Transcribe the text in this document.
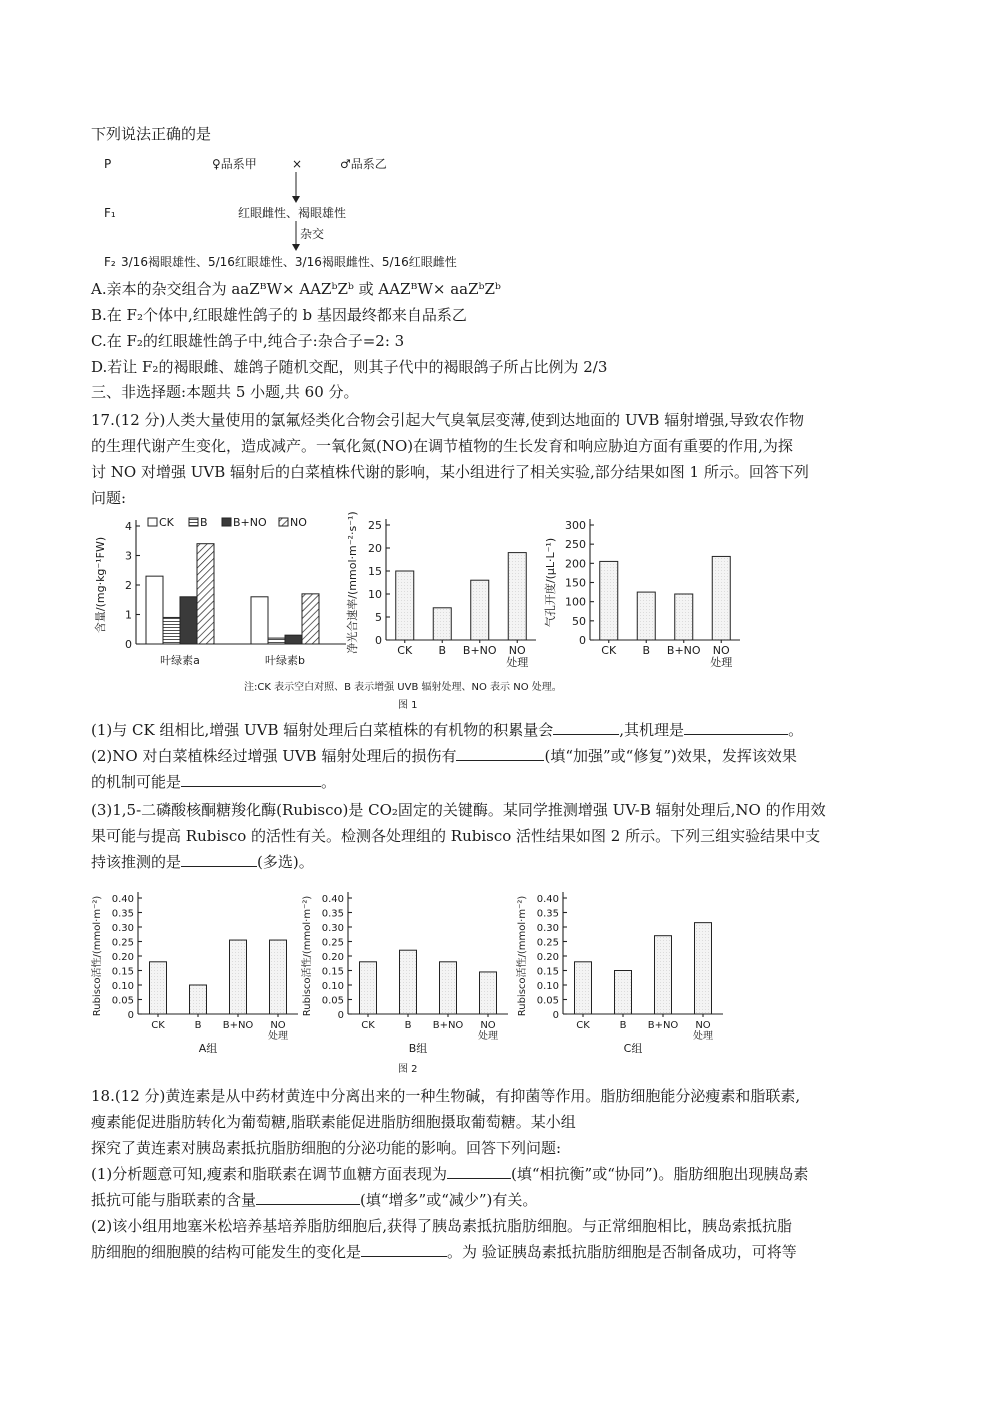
下列说法正确的是
P	♀品系甲	×	♂品系乙
F₁	红眼雌性、褐眼雄性
杂交
F₂ 3/16褐眼雄性、5/16红眼雄性、3/16褐眼雌性、5/16红眼雌性
A.亲本的杂交组合为 aaZᴮW× AAZᵇZᵇ 或 AAZᴮW× aaZᵇZᵇ
B.在 F₂个体中,红眼雄性鸽子的 b 基因最终都来自品系乙
C.在 F₂的红眼雄性鸽子中,纯合子:杂合子=2: 3
D.若让 F₂的褐眼雌、雄鸽子随机交配，则其子代中的褐眼鸽子所占比例为 2/3
三、非选择题:本题共 5 小题,共 60 分。
17.(12 分)人类大量使用的氯氟烃类化合物会引起大气臭氧层变薄,使到达地面的 UVB 辐射增强,导致农作物
的生理代谢产生变化，造成减产。一氧化氮(NO)在调节植物的生长发育和响应胁迫方面有重要的作用,为探
讨 NO 对增强 UVB 辐射后的白菜植株代谢的影响，某小组进行了相关实验,部分结果如图 1 所示。回答下列
问题:
0
1
2
3
4
含量/(mg·kg⁻¹FW)
叶绿素a	叶绿素b
CK B B+NO NO
0
5
10
15
20
25
净光合速率/(mmol·m⁻²·s⁻¹)	CK B B+NO NO
处理
0
50
100
150
200
250
300
气孔开度/(μL·L⁻¹)
CK B B+NO NO
处理
注:CK 表示空白对照、B 表示增强 UVB 辐射处理、NO 表示 NO 处理。
图 1
(1)与 CK 组相比,增强 UVB 辐射处理后白菜植株的有机物的积累量会	,其机理是	。
(2)NO 对白菜植株经过增强 UVB 辐射处理后的损伤有	(填“加强”或“修复”)效果，发挥该效果
的机制可能是	。
(3)1,5-二磷酸核酮糖羧化酶(Rubisco)是 CO₂固定的关键酶。某同学推测增强 UV-B 辐射处理后,NO 的作用效
果可能与提高 Rubisco 的活性有关。检测各处理组的 Rubisco 活性结果如图 2 所示。下列三组实验结果中支
持该推测的是	(多选)。
0
0.05
0.10
0.15
0.20
0.25
0.30
0.35
0.40
Rubisco活性/(mmol·m⁻²)
CK	B B+NO NO
处理
A组
0
0.05
0.10
0.15
0.20
0.25
0.30
0.35
0.40
Rubisco活性/(mmol·m⁻²)
CK	B B+NO NO
处理
B组
0
0.05
0.10
0.15
0.20
0.25
0.30
0.35
0.40
Rubisco活性/(mmol·m⁻²)
CK	B B+NO NO
处理
C组
图 2
18.(12 分)黄连素是从中药材黄连中分离出来的一种生物碱，有抑菌等作用。脂肪细胞能分泌瘦素和脂联素,
瘦素能促进脂肪转化为葡萄糖,脂联素能促进脂肪细胞摄取葡萄糖。某小组
探究了黄连素对胰岛素抵抗脂肪细胞的分泌功能的影响。回答下列问题:
(1)分析题意可知,瘦素和脂联素在调节血糖方面表现为	(填“相抗衡”或“协同”)。脂肪细胞出现胰岛素
抵抗可能与脂联素的含量	(填“增多”或“减少”)有关。
(2)该小组用地塞米松培养基培养脂肪细胞后,获得了胰岛素抵抗脂肪细胞。与正常细胞相比，胰岛索抵抗脂
肪细胞的细胞膜的结构可能发生的变化是	。为 验证胰岛素抵抗脂肪细胞是否制备成功，可将等
